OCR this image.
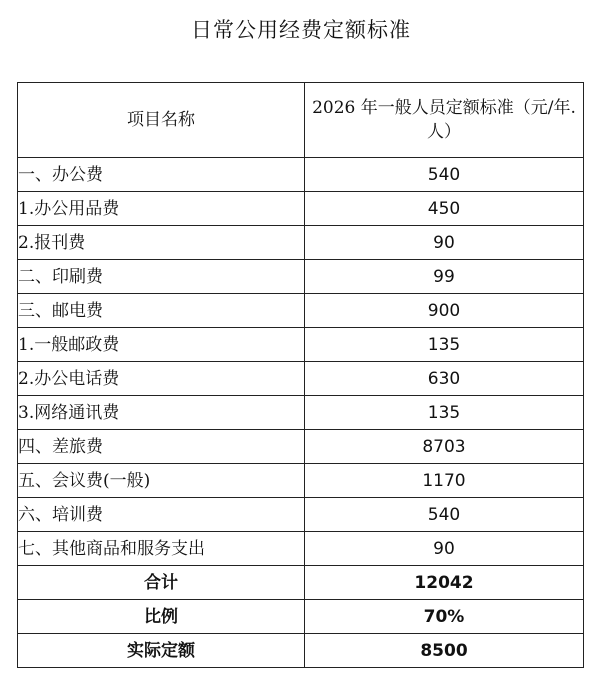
日常公用经费定额标准
项目名称	2026 年一般人员定额标准（元/年.人）
一、办公费	540
1.办公用品费	450
2.报刊费	90
二、印刷费	99
三、邮电费	900
1.一般邮政费	135
2.办公电话费	630
3.网络通讯费	135
四、差旅费	8703
五、会议费(一般)	1170
六、培训费	540
七、其他商品和服务支出	90
合计	12042
比例	70%
实际定额	8500
